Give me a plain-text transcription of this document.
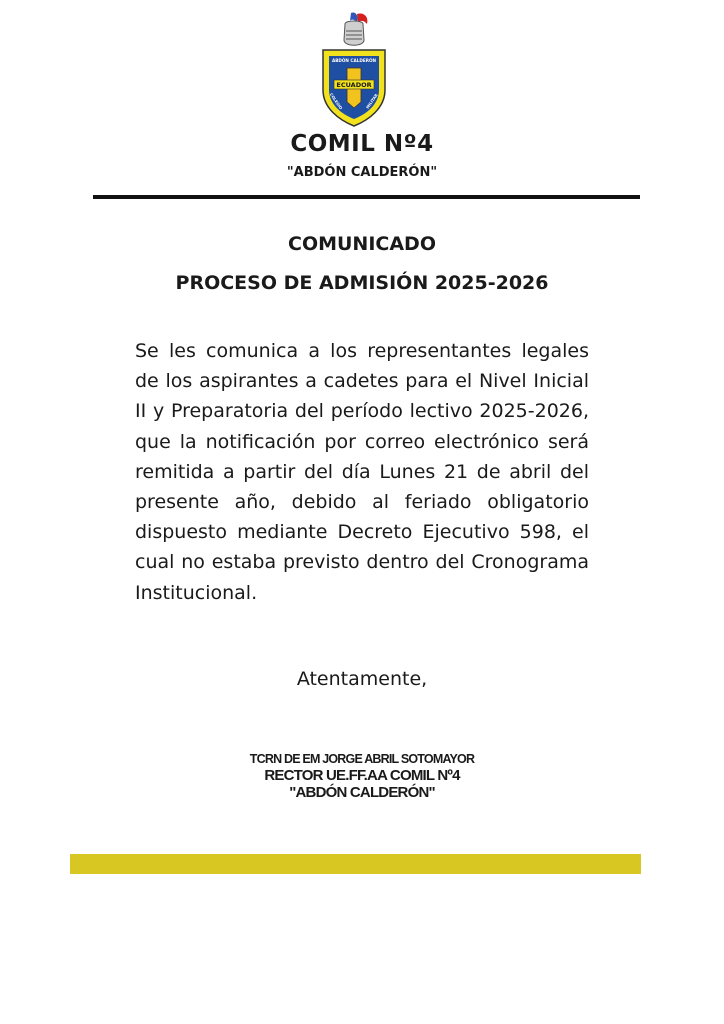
ECUADOR
ABDÓN CALDERÓN
COLEGIO	MILITAR
COMIL Nº4
"ABDÓN CALDERÓN"
COMUNICADO
PROCESO DE ADMISIÓN 2025-2026

Se les comunica a los representantes legales de los aspirantes a cadetes para el Nivel Inicial II y Preparatoria del período lectivo 2025-2026, que la notificación por correo electrónico será remitida a partir del día Lunes 21 de abril del presente año, debido al feriado obligatorio dispuesto mediante Decreto Ejecutivo 598, el cual no estaba previsto dentro del Cronograma Institucional.

Atentamente,
TCRN DE EM JORGE ABRIL SOTOMAYOR
RECTOR UE.FF.AA COMIL Nº4
"ABDÓN CALDERÓN"
